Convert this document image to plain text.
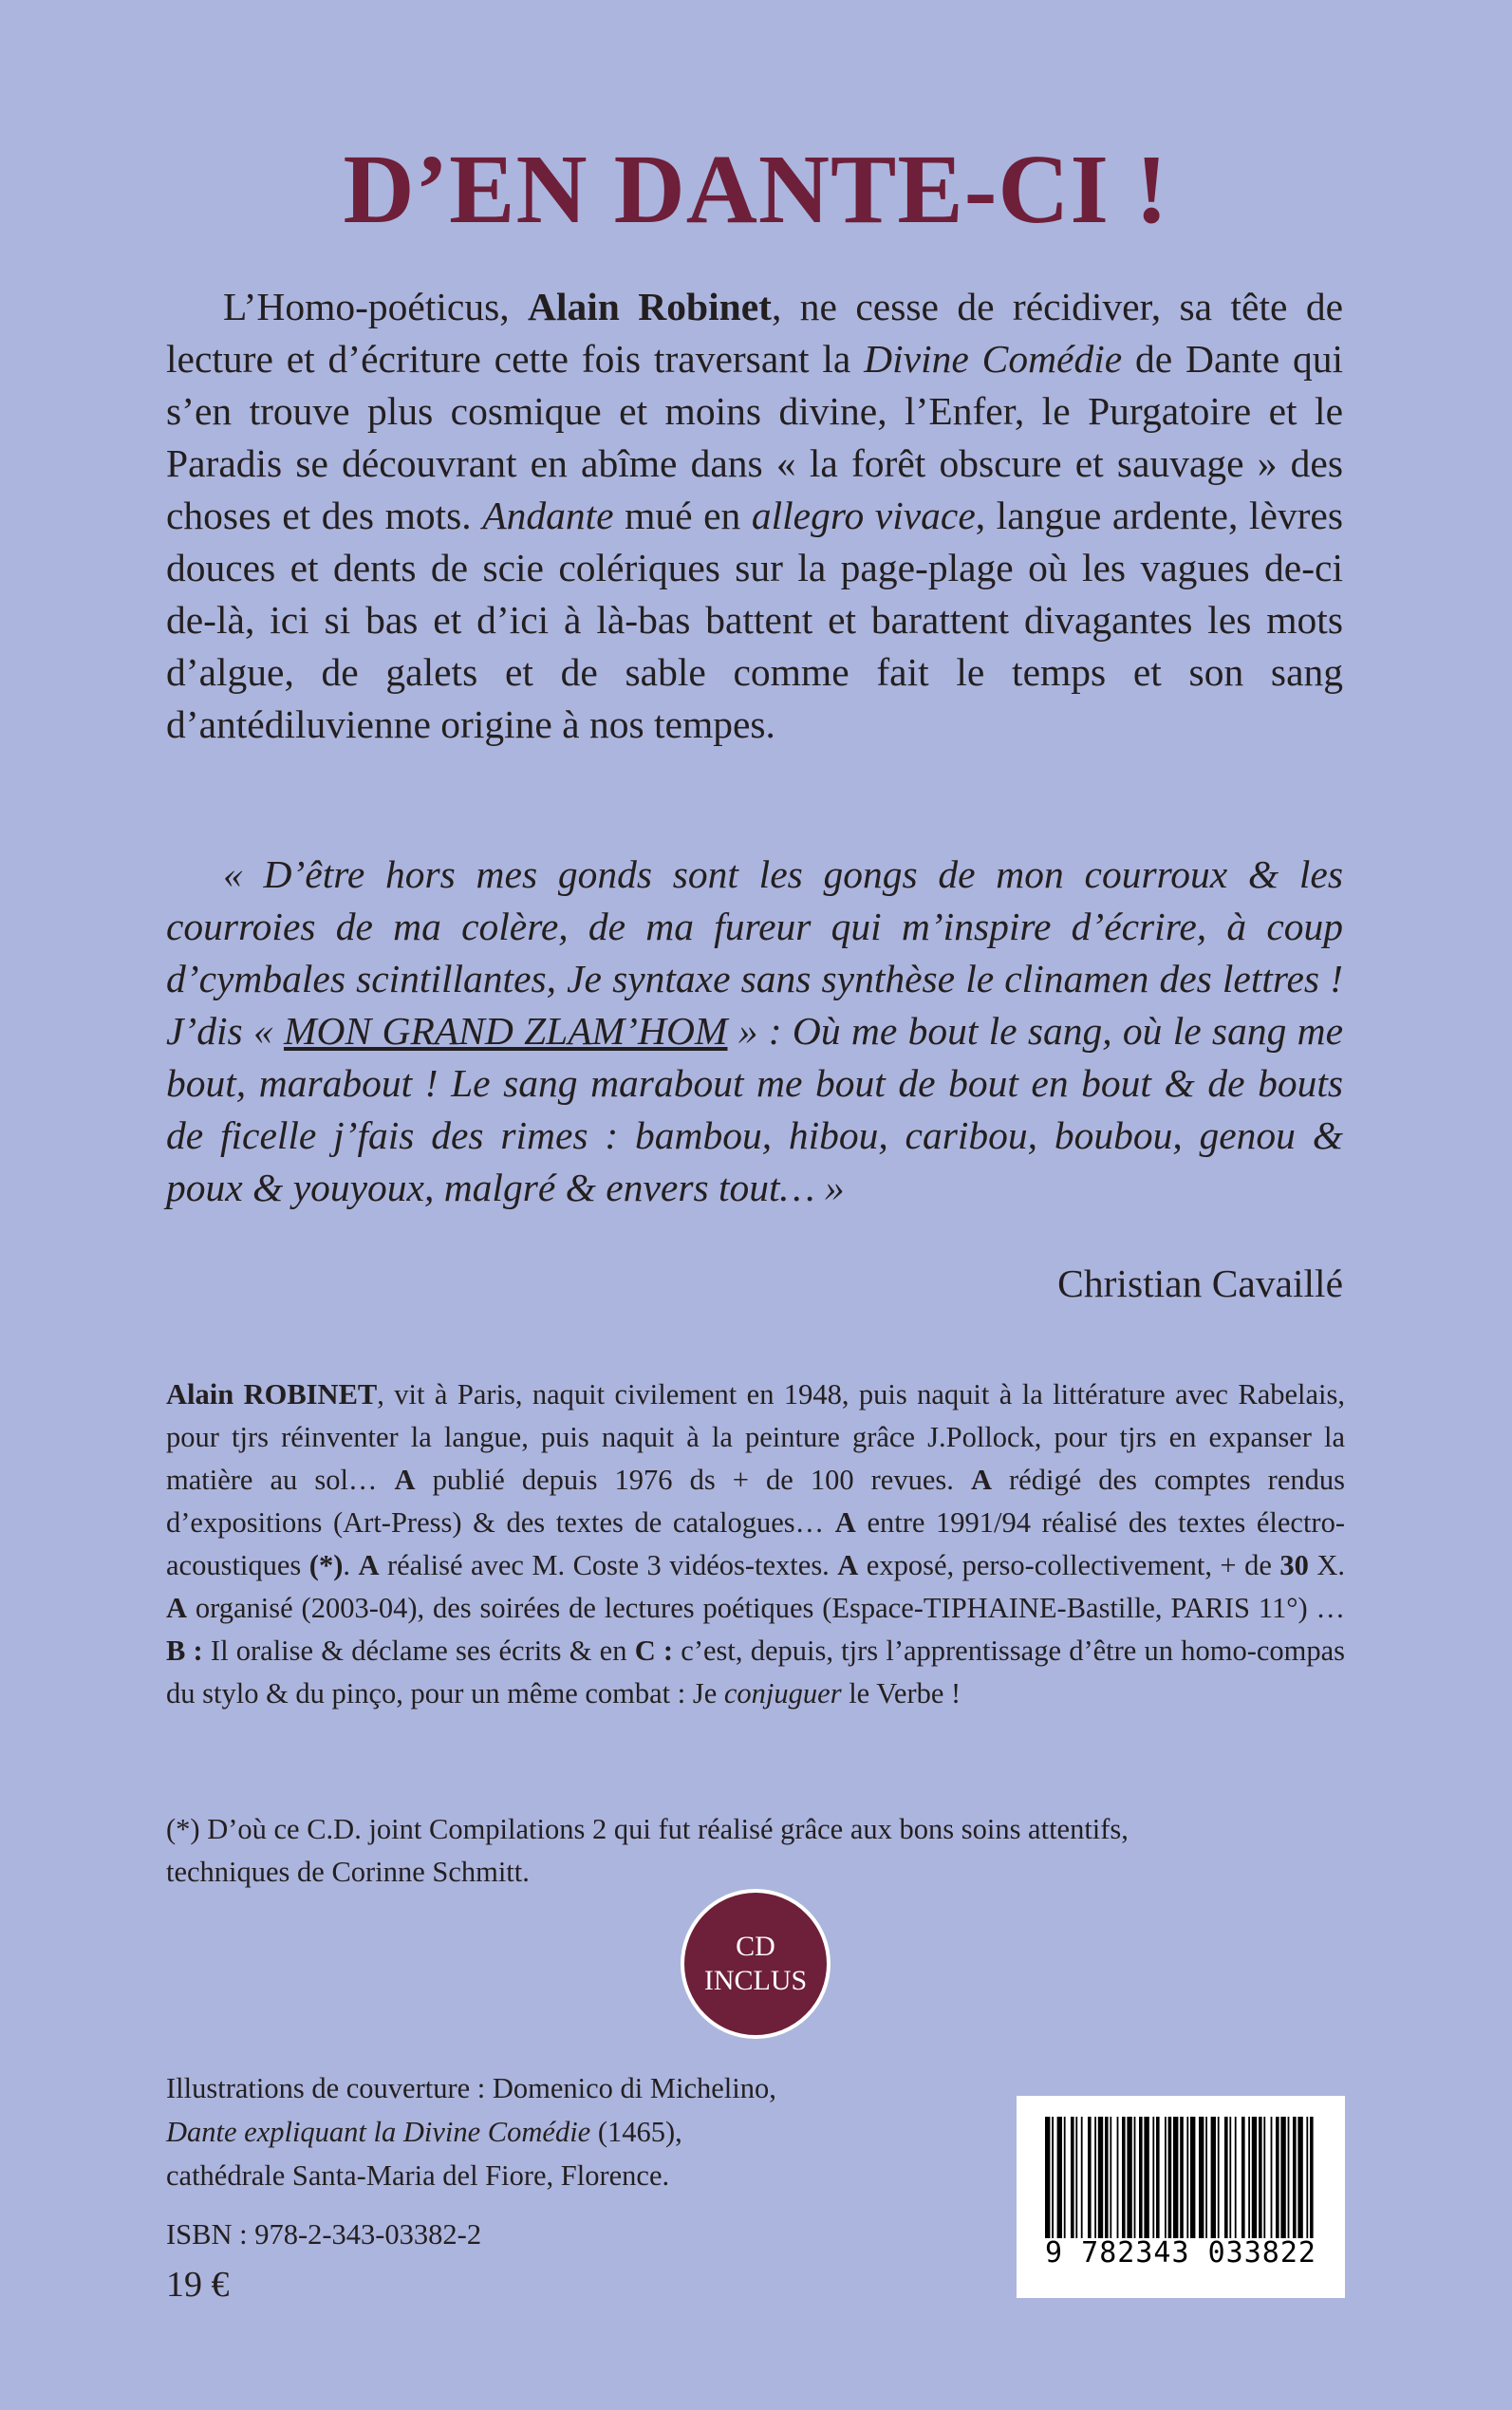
D’EN DANTE-CI !

L’Homo-poéticus, Alain Robinet, ne cesse de récidiver, sa tête de lecture et d’écriture cette fois traversant la Divine Comédie de Dante qui s’en trouve plus cosmique et moins divine, l’Enfer, le Purgatoire et le Paradis se découvrant en abîme dans « la forêt obscure et sauvage » des choses et des mots. Andante mué en allegro vivace, langue ardente, lèvres douces et dents de scie colériques sur la page-plage où les vagues de-ci de-là, ici si bas et d’ici à là-bas battent et barattent divagantes les mots d’algue, de galets et de sable comme fait le temps et son sang d’antédiluvienne origine à nos tempes.

« D’être hors mes gonds sont les gongs de mon courroux & les courroies de ma colère, de ma fureur qui m’inspire d’écrire, à coup d’cymbales scintillantes, Je syntaxe sans synthèse le clinamen des lettres ! J’dis « MON GRAND ZLAM’HOM » : Où me bout le sang, où le sang me bout, marabout ! Le sang marabout me bout de bout en bout & de bouts de ficelle j’fais des rimes : bambou, hibou, caribou, boubou, genou & poux & youyoux, malgré & envers tout… »

Christian Cavaillé

Alain ROBINET, vit à Paris, naquit civilement en 1948, puis naquit à la littérature avec Rabelais, pour tjrs réinventer la langue, puis naquit à la peinture grâce J.Pollock, pour tjrs en expanser la matière au sol… A publié depuis 1976 ds + de 100 revues. A rédigé des comptes rendus d’expositions (Art-Press) & des textes de catalogues… A entre 1991/94 réalisé des textes électro-acoustiques (*). A réalisé avec M. Coste 3 vidéos-textes. A exposé, perso-collectivement, + de 30 X. A organisé (2003-04), des soirées de lectures poétiques (Espace-TIPHAINE-Bastille, PARIS 11°) … B : Il oralise & déclame ses écrits & en C : c’est, depuis, tjrs l’apprentissage d’être un homo-compas du stylo & du pinço, pour un même combat : Je conjuguer le Verbe !

(*) D’où ce C.D. joint Compilations 2 qui fut réalisé grâce aux bons soins attentifs,
techniques de Corinne Schmitt.

CD
INCLUS

Illustrations de couverture : Domenico di Michelino,
Dante expliquant la Divine Comédie (1465),
cathédrale Santa-Maria del Fiore, Florence.

ISBN : 978-2-343-03382-2

19 €

9 782343 033822
